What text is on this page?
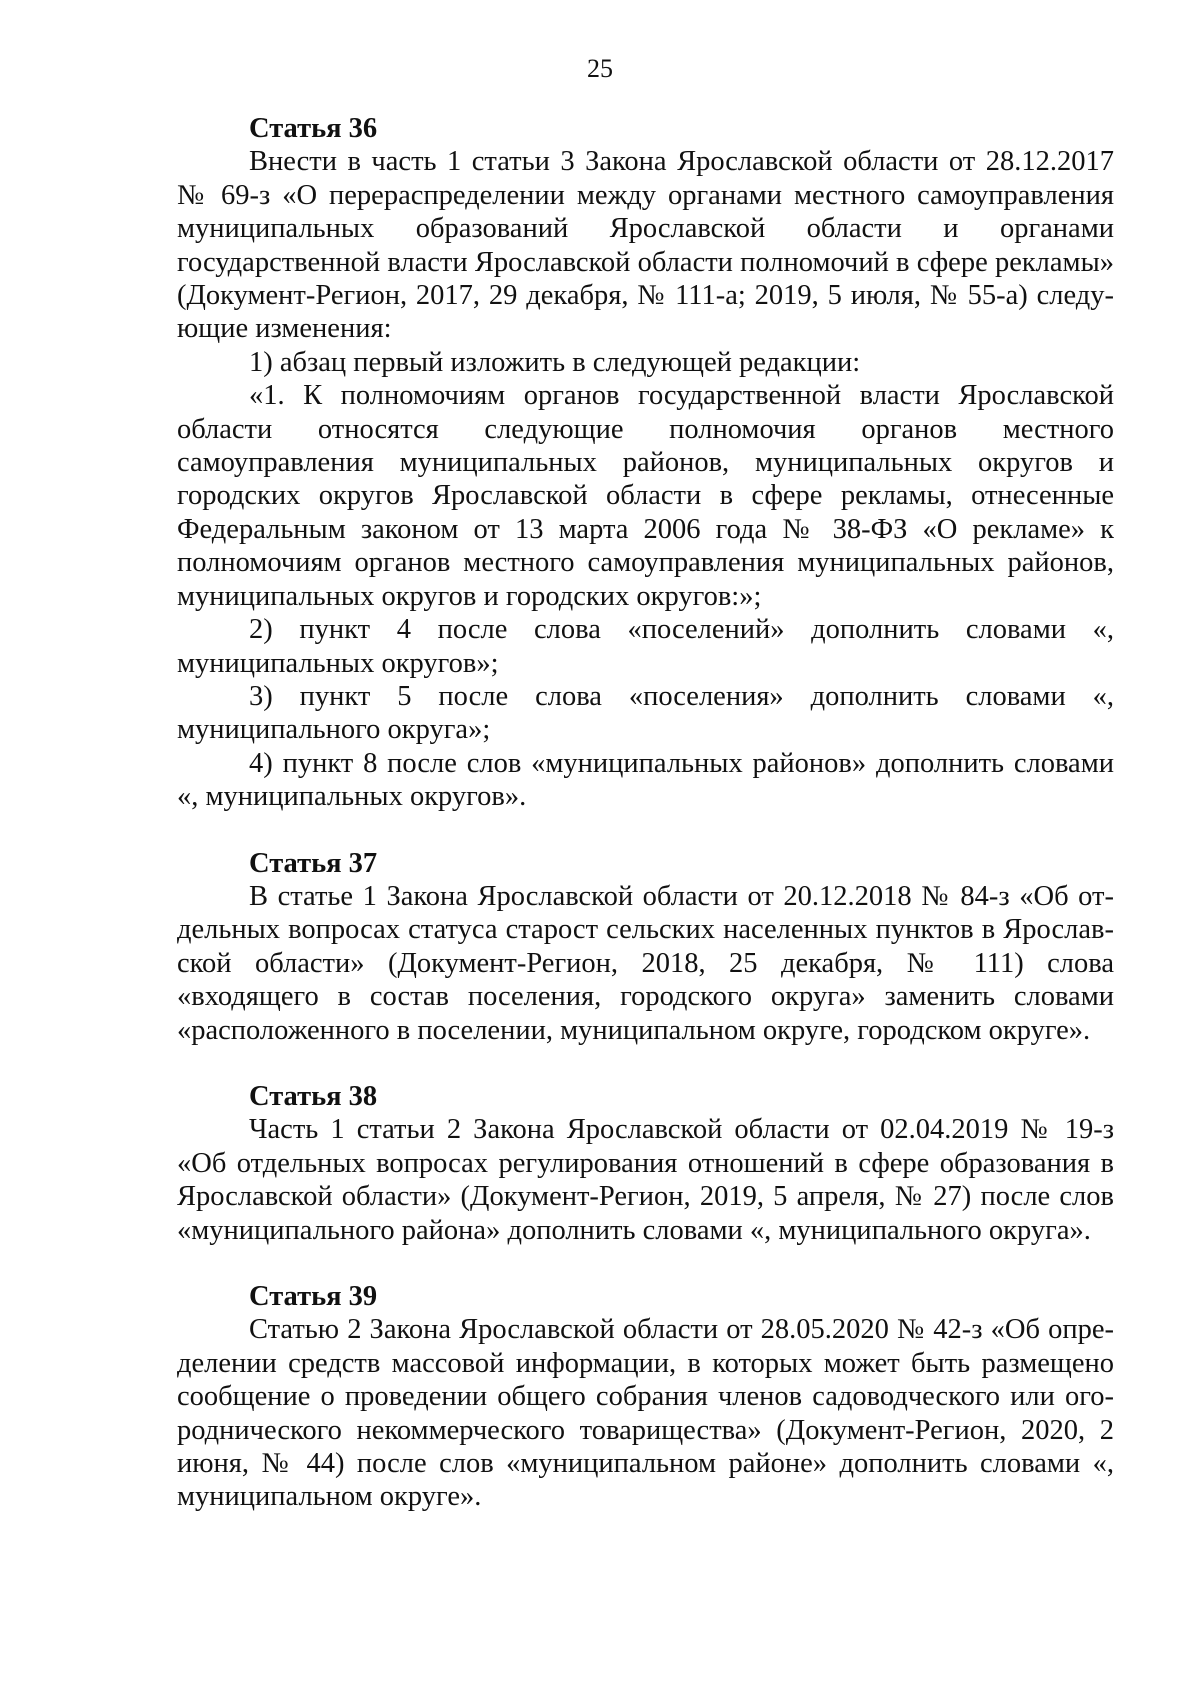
25
Статья 36

Внести в часть 1 статьи 3 Закона Ярославской области от 28.12.2017 № 69-з «О перераспределении между органами местного самоуправления муниципальных образований Ярославской области и органами государственной власти Ярославской области полномочий в сфере рекламы» (Документ-Регион, 2017, 29 декабря, № 111-а; 2019, 5 июля, № 55-а) следующие изменения:

1) абзац первый изложить в следующей редакции:

«1. К полномочиям органов государственной власти Ярославской области относятся следующие полномочия органов местного самоуправления муниципальных районов, муниципальных округов и городских округов Ярославской области в сфере рекламы, отнесенные Федеральным законом от 13 марта 2006 года № 38-ФЗ «О рекламе» к полномочиям органов местного самоуправления муниципальных районов, муниципальных округов и городских округов:»;

2) пункт 4 после слова «поселений» дополнить словами «, муниципальных округов»;

3) пункт 5 после слова «поселения» дополнить словами «, муниципального округа»;

4) пункт 8 после слов «муниципальных районов» дополнить словами «, муниципальных округов».

Статья 37

В статье 1 Закона Ярославской области от 20.12.2018 № 84-з «Об отдельных вопросах статуса старост сельских населенных пунктов в Ярославской области» (Документ-Регион, 2018, 25 декабря, № 111) слова «входящего в состав поселения, городского округа» заменить словами «расположенного в поселении, муниципальном округе, городском округе».

Статья 38

Часть 1 статьи 2 Закона Ярославской области от 02.04.2019 № 19-з «Об отдельных вопросах регулирования отношений в сфере образования в Ярославской области» (Документ-Регион, 2019, 5 апреля, № 27) после слов «муниципального района» дополнить словами «, муниципального округа».

Статья 39

Статью 2 Закона Ярославской области от 28.05.2020 № 42-з «Об определении средств массовой информации, в которых может быть размещено сообщение о проведении общего собрания членов садоводческого или огороднического некоммерческого товарищества» (Документ-Регион, 2020, 2 июня, № 44) после слов «муниципальном районе» дополнить словами «, муниципальном округе».
